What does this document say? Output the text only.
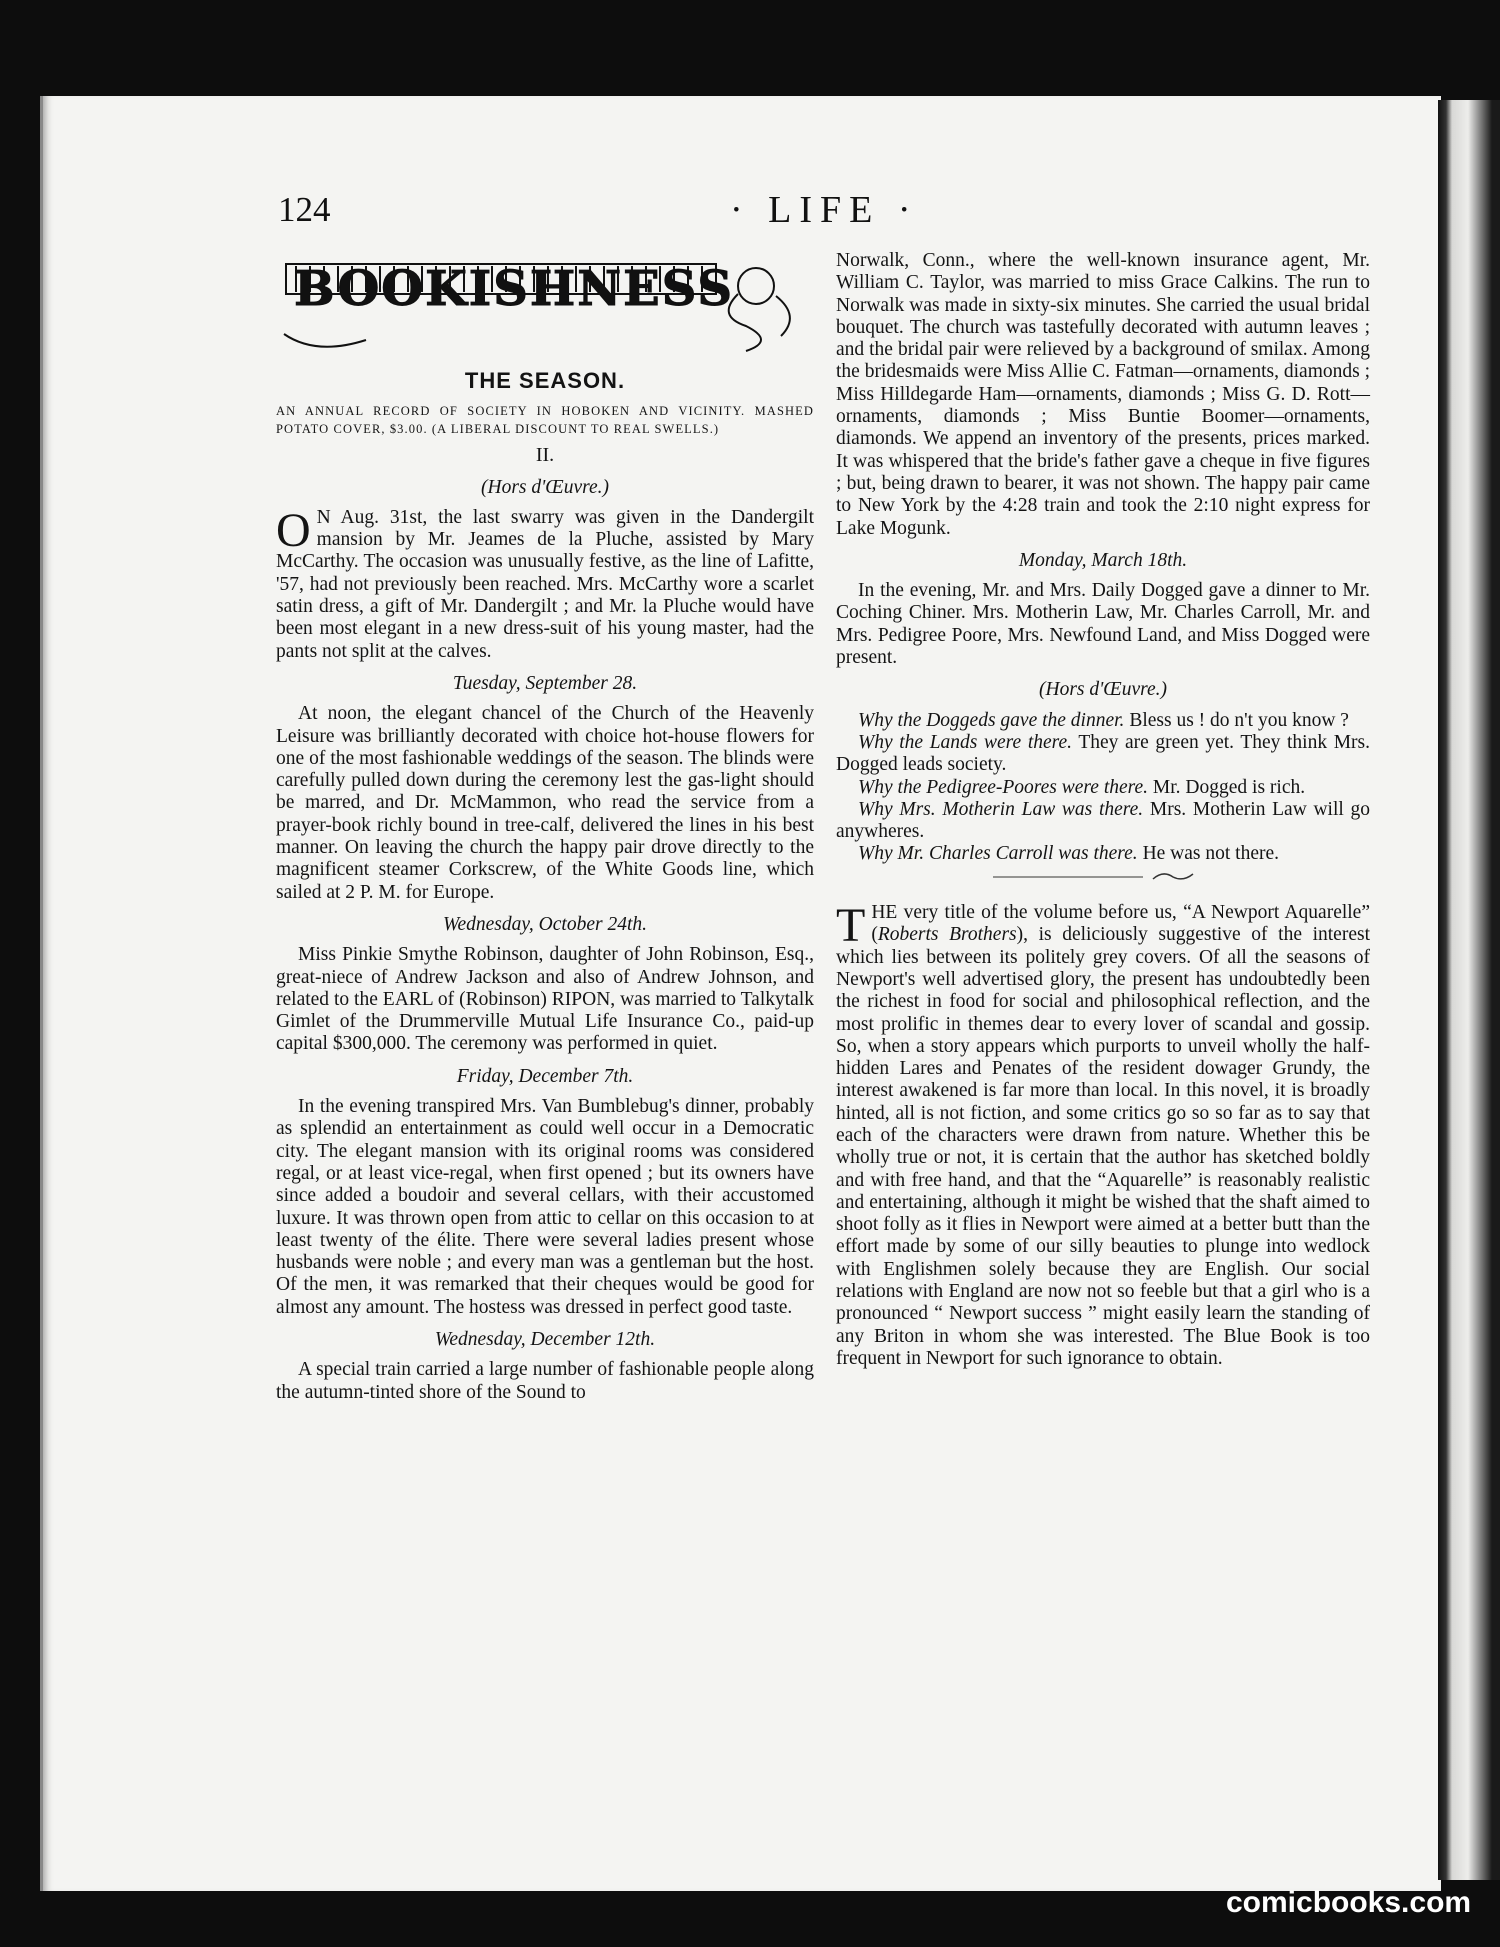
124	· LIFE ·
BOOKISHNESS
THE SEASON.
AN ANNUAL RECORD OF SOCIETY IN HOBOKEN AND VICINITY. MASHED POTATO COVER, $3.00. (A LIBERAL DISCOUNT TO REAL SWELLS.)
II.
(Hors d'Œuvre.)

O N Aug. 31st, the last swarry was given in the Dandergilt mansion by Mr. Jeames de la Pluche, assisted by Mary McCarthy. The occasion was unusually festive, as the line of Lafitte, '57, had not previously been reached. Mrs. McCarthy wore a scarlet satin dress, a gift of Mr. Dandergilt ; and Mr. la Pluche would have been most elegant in a new dress-suit of his young master, had the pants not split at the calves.

Tuesday, September 28.

At noon, the elegant chancel of the Church of the Heavenly Leisure was brilliantly decorated with choice hot-house flowers for one of the most fashionable weddings of the season. The blinds were carefully pulled down during the ceremony lest the gas-light should be marred, and Dr. McMammon, who read the service from a prayer-book richly bound in tree-calf, delivered the lines in his best manner. On leaving the church the happy pair drove directly to the magnificent steamer Corkscrew, of the White Goods line, which sailed at 2 P. M. for Europe.

Wednesday, October 24th.

Miss Pinkie Smythe Robinson, daughter of John Robinson, Esq., great-niece of Andrew Jackson and also of Andrew Johnson, and related to the EARL of (Robinson) RIPON, was married to Talkytalk Gimlet of the Drummerville Mutual Life Insurance Co., paid-up capital $300,000. The ceremony was performed in quiet.

Friday, December 7th.

In the evening transpired Mrs. Van Bumblebug's dinner, probably as splendid an entertainment as could well occur in a Democratic city. The elegant mansion with its original rooms was considered regal, or at least vice-regal, when first opened ; but its owners have since added a boudoir and several cellars, with their accustomed luxure. It was thrown open from attic to cellar on this occasion to at least twenty of the élite. There were several ladies present whose husbands were noble ; and every man was a gentleman but the host. Of the men, it was remarked that their cheques would be good for almost any amount. The hostess was dressed in perfect good taste.

Wednesday, December 12th.

A special train carried a large number of fashionable people along the autumn-tinted shore of the Sound to

Norwalk, Conn., where the well-known insurance agent, Mr. William C. Taylor, was married to miss Grace Calkins. The run to Norwalk was made in sixty-six minutes. She carried the usual bridal bouquet. The church was tastefully decorated with autumn leaves ; and the bridal pair were relieved by a background of smilax. Among the bridesmaids were Miss Allie C. Fatman—ornaments, diamonds ; Miss Hilldegarde Ham—ornaments, diamonds ; Miss G. D. Rott—ornaments, diamonds ; Miss Buntie Boomer—ornaments, diamonds. We append an inventory of the presents, prices marked. It was whispered that the bride's father gave a cheque in five figures ; but, being drawn to bearer, it was not shown. The happy pair came to New York by the 4:28 train and took the 2:10 night express for Lake Mogunk.

Monday, March 18th.

In the evening, Mr. and Mrs. Daily Dogged gave a dinner to Mr. Coching Chiner. Mrs. Motherin Law, Mr. Charles Carroll, Mr. and Mrs. Pedigree Poore, Mrs. Newfound Land, and Miss Dogged were present.

(Hors d'Œuvre.)

Why the Doggeds gave the dinner. Bless us ! do n't you know ?

Why the Lands were there. They are green yet. They think Mrs. Dogged leads society.

Why the Pedigree-Poores were there. Mr. Dogged is rich.

Why Mrs. Motherin Law was there. Mrs. Motherin Law will go anywheres.

Why Mr. Charles Carroll was there. He was not there.

THE very title of the volume before us, “A Newport Aquarelle” (Roberts Brothers), is deliciously suggestive of the interest which lies between its politely grey covers. Of all the seasons of Newport's well advertised glory, the present has undoubtedly been the richest in food for social and philosophical reflection, and the most prolific in themes dear to every lover of scandal and gossip. So, when a story appears which purports to unveil wholly the half-hidden Lares and Penates of the resident dowager Grundy, the interest awakened is far more than local. In this novel, it is broadly hinted, all is not fiction, and some critics go so so far as to say that each of the characters were drawn from nature. Whether this be wholly true or not, it is certain that the author has sketched boldly and with free hand, and that the “Aquarelle” is reasonably realistic and entertaining, although it might be wished that the shaft aimed to shoot folly as it flies in Newport were aimed at a better butt than the effort made by some of our silly beauties to plunge into wedlock with Englishmen solely because they are English. Our social relations with England are now not so feeble but that a girl who is a pronounced “ Newport success ” might easily learn the standing of any Briton in whom she was interested. The Blue Book is too frequent in Newport for such ignorance to obtain.

comicbooks.com
